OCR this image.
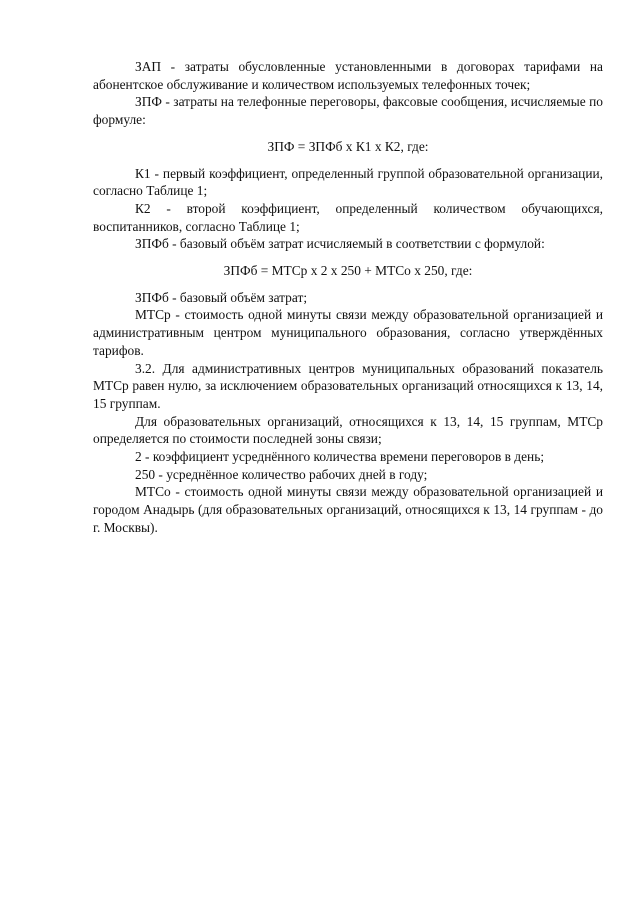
ЗАП - затраты обусловленные установленными в договорах тарифами на абонентское обслуживание и количеством используемых телефонных точек;

ЗПФ - затраты на телефонные переговоры, факсовые сообщения, исчисляемые по формуле:

ЗПФ = ЗПФб х К1 х К2, где:

К1 - первый коэффициент, определенный группой образовательной организации, согласно Таблице 1;

К2 - второй коэффициент, определенный количеством обучающихся, воспитанников, согласно Таблице 1;

ЗПФб - базовый объём затрат исчисляемый в соответствии с формулой:

ЗПФб = МТСр х 2 х 250 + МТСо х 250, где:

ЗПФб - базовый объём затрат;

МТСр - стоимость одной минуты связи между образовательной организацией и административным центром муниципального образования, согласно утверждённых тарифов.

3.2. Для административных центров муниципальных образований показатель МТСр равен нулю, за исключением образовательных организаций относящихся к 13, 14, 15 группам.

Для образовательных организаций, относящихся к 13, 14, 15 группам, МТСр определяется по стоимости последней зоны связи;

2 - коэффициент усреднённого количества времени переговоров в день;

250 - усреднённое количество рабочих дней в году;

МТСо - стоимость одной минуты связи между образовательной организацией и городом Анадырь (для образовательных организаций, относящихся к 13, 14 группам - до г. Москвы).
